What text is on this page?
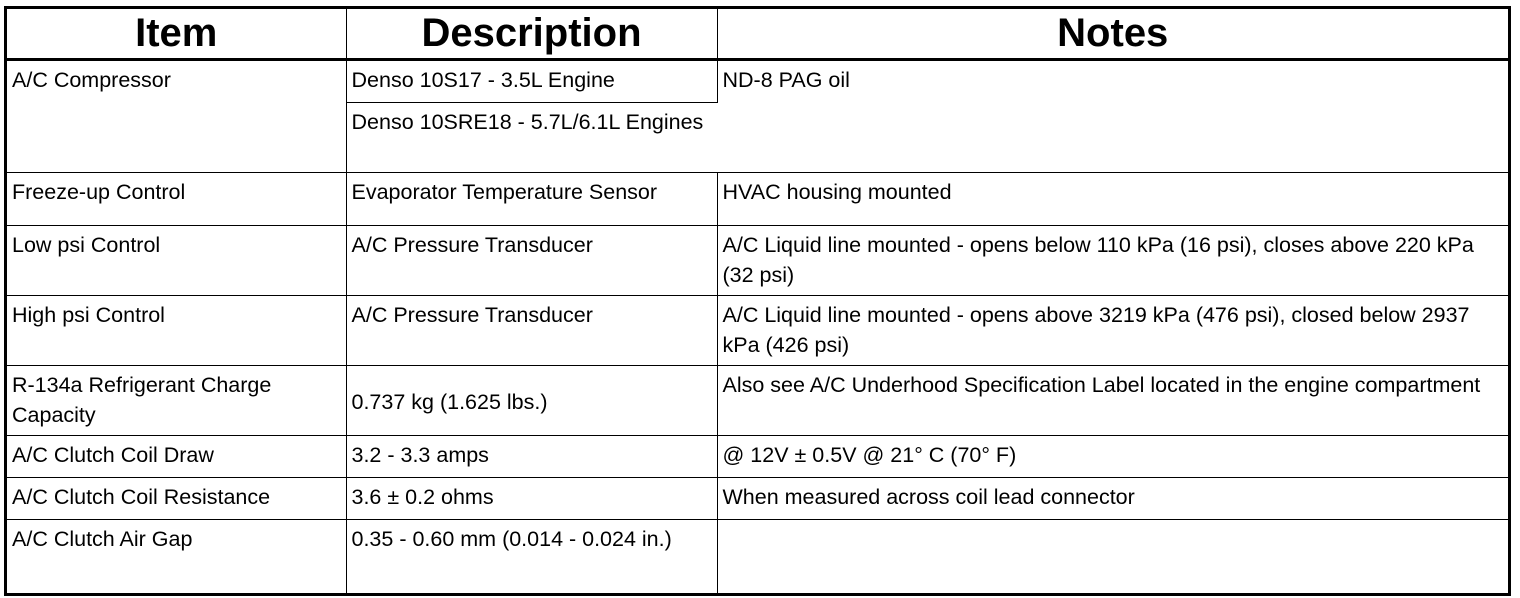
Item	Description	Notes
A/C Compressor	Denso 10S17 - 3.5L Engine	ND-8 PAG oil
	Denso 10SRE18 - 5.7L/6.1L Engines	
Freeze-up Control	Evaporator Temperature Sensor	HVAC housing mounted
Low psi Control	A/C Pressure Transducer	A/C Liquid line mounted - opens below 110 kPa (16 psi), closes above 220 kPa (32 psi)
High psi Control	A/C Pressure Transducer	A/C Liquid line mounted - opens above 3219 kPa (476 psi), closed below 2937 kPa (426 psi)
R-134a Refrigerant Charge Capacity	0.737 kg (1.625 lbs.)	Also see A/C Underhood Specification Label located in the engine compartment
A/C Clutch Coil Draw	3.2 - 3.3 amps	@ 12V ± 0.5V @ 21° C (70° F)
A/C Clutch Coil Resistance	3.6 ± 0.2 ohms	When measured across coil lead connector
A/C Clutch Air Gap	0.35 - 0.60 mm (0.014 - 0.024 in.)	
